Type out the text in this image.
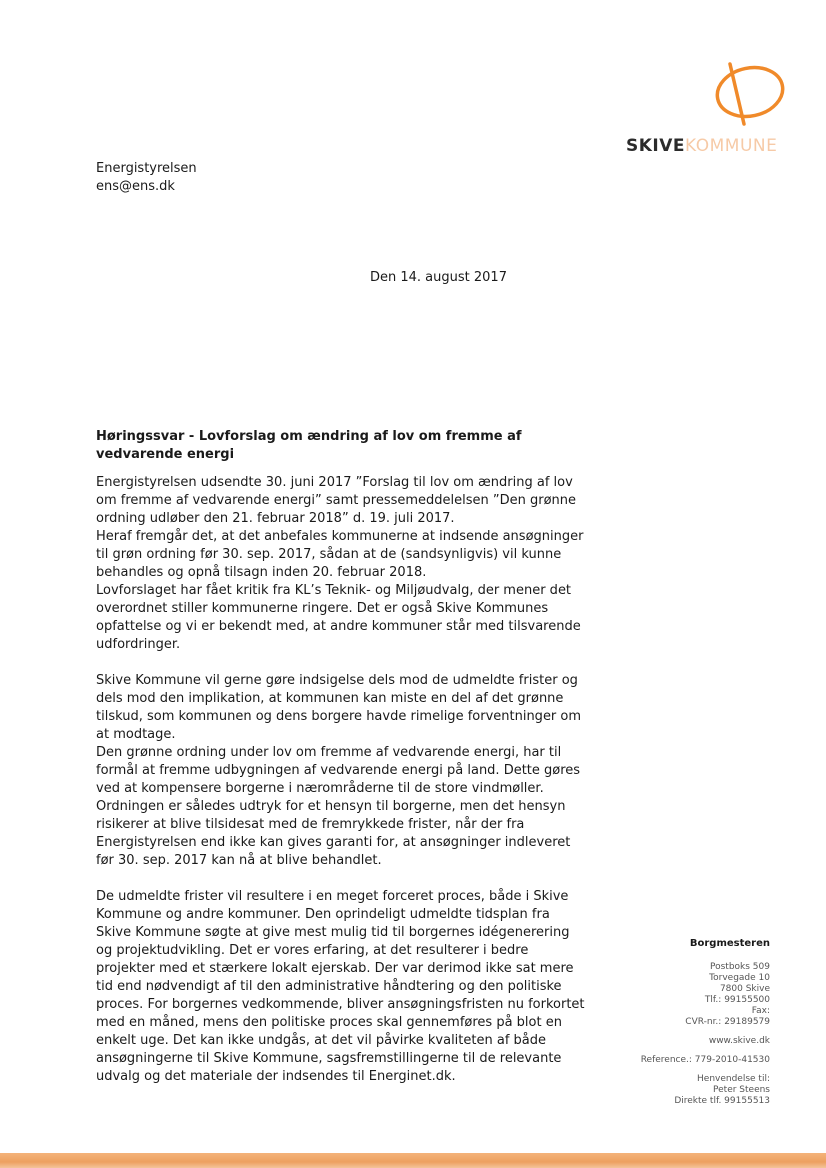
SKIVEKOMMUNE
Energistyrelsen
ens@ens.dk
Den 14. august 2017
Høringssvar - Lovforslag om ændring af lov om fremme af vedvarende energi

Energistyrelsen udsendte 30. juni 2017 ”Forslag til lov om ændring af lov om fremme af vedvarende energi” samt pressemeddelelsen ”Den grønne ordning udløber den 21. februar 2018” d. 19. juli 2017.

Heraf fremgår det, at det anbefales kommunerne at indsende ansøgninger til grøn ordning før 30. sep. 2017, sådan at de (sandsynligvis) vil kunne behandles og opnå tilsagn inden 20. februar 2018.

Lovforslaget har fået kritik fra KL’s Teknik- og Miljøudvalg, der mener det overordnet stiller kommunerne ringere. Det er også Skive Kommunes opfattelse og vi er bekendt med, at andre kommuner står med tilsvarende udfordringer.

Skive Kommune vil gerne gøre indsigelse dels mod de udmeldte frister og dels mod den implikation, at kommunen kan miste en del af det grønne tilskud, som kommunen og dens borgere havde rimelige forventninger om at modtage.

Den grønne ordning under lov om fremme af vedvarende energi, har til formål at fremme udbygningen af vedvarende energi på land. Dette gøres ved at kompensere borgerne i nærområderne til de store vindmøller. Ordningen er således udtryk for et hensyn til borgerne, men det hensyn risikerer at blive tilsidesat med de fremrykkede frister, når der fra Energistyrelsen end ikke kan gives garanti for, at ansøgninger indleveret før 30. sep. 2017 kan nå at blive behandlet.

De udmeldte frister vil resultere i en meget forceret proces, både i Skive Kommune og andre kommuner. Den oprindeligt udmeldte tidsplan fra Skive Kommune søgte at give mest mulig tid til borgernes idégenerering og projektudvikling. Det er vores erfaring, at det resulterer i bedre projekter med et stærkere lokalt ejerskab. Der var derimod ikke sat mere tid end nødvendigt af til den administrative håndtering og den politiske proces. For borgernes vedkommende, bliver ansøgningsfristen nu forkortet med en måned, mens den politiske proces skal gennemføres på blot en enkelt uge. Det kan ikke undgås, at det vil påvirke kvaliteten af både ansøgningerne til Skive Kommune, sagsfremstillingerne til de relevante udvalg og det materiale der indsendes til Energinet.dk.

Borgmesteren
Postboks 509
Torvegade 10
7800 Skive
Tlf.: 99155500
Fax:
CVR-nr.: 29189579
www.skive.dk
Reference.: 779-2010-41530
Henvendelse til:
Peter Steens
Direkte tlf. 99155513
